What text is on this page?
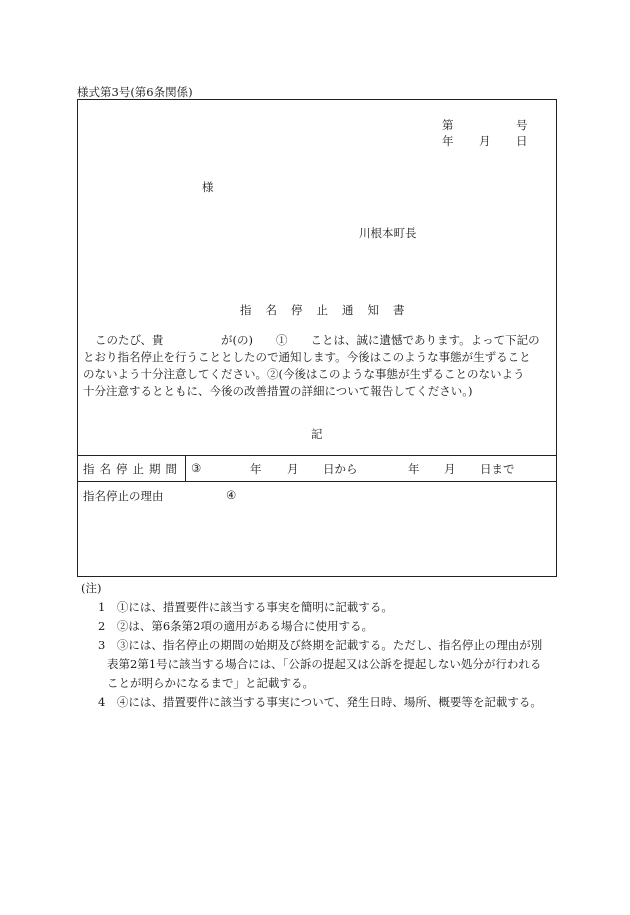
様式第3号(第6条関係)
第	号
年 月 日
様
川根本町長
指名停止通知書
このたび、貴　　　　　が(の)　　①　　ことは、誠に遺憾であります。よって下記の
とおり指名停止を行うこととしたので通知します。今後はこのような事態が生ずること
のないよう十分注意してください。②(今後はこのような事態が生ずることのないよう
十分注意するとともに、今後の改善措置の詳細について報告してください。)
記
指名停止期間 ③	年 月 日から	年 月 日まで
指名停止の理由	④
(注)
1　①には、措置要件に該当する事実を簡明に記載する。
2　②は、第6条第2項の適用がある場合に使用する。
3　③には、指名停止の期間の始期及び終期を記載する。ただし、指名停止の理由が別
表第2第1号に該当する場合には、「公訴の提起又は公訴を提起しない処分が行われる
ことが明らかになるまで」と記載する。
4　④には、措置要件に該当する事実について、発生日時、場所、概要等を記載する。
